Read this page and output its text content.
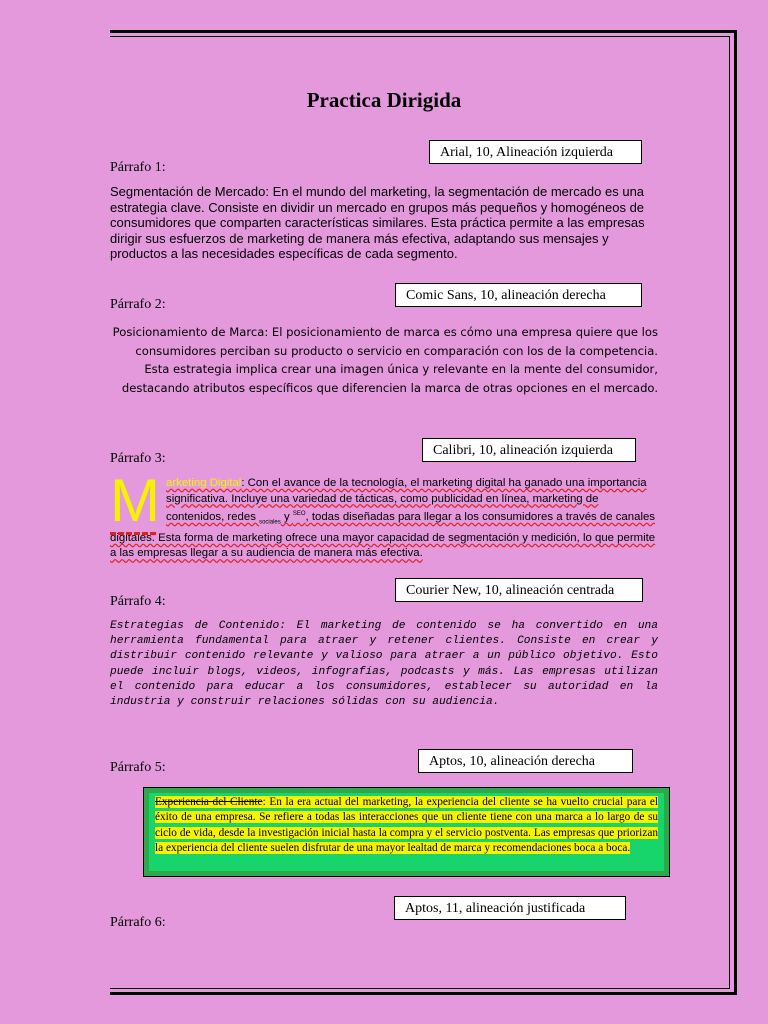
Practica Dirigida
Arial, 10, Alineación izquierda
Párrafo 1:
Segmentación de Mercado: En el mundo del marketing, la segmentación de mercado es una estrategia clave. Consiste en dividir un mercado en grupos más pequeños y homogéneos de consumidores que comparten características similares. Esta práctica permite a las empresas dirigir sus esfuerzos de marketing de manera más efectiva, adaptando sus mensajes y productos a las necesidades específicas de cada segmento.
Comic Sans, 10, alineación derecha
Párrafo 2:
Posicionamiento de Marca: El posicionamiento de marca es cómo una empresa quiere que los consumidores perciban su producto o servicio en comparación con los de la competencia. Esta estrategia implica crear una imagen única y relevante en la mente del consumidor, destacando atributos específicos que diferencien la marca de otras opciones en el mercado.
Calibri, 10, alineación izquierda
Párrafo 3:
M arketing Digital: Con el avance de la tecnología, el marketing digital ha ganado una importancia significativa. Incluye una variedad de tácticas, como publicidad en línea, marketing de contenidos, redes $_{sociales}$ y $^{SEO}$, todas diseñadas para llegar a los consumidores a través de canales digitales. Esta forma de marketing ofrece una mayor capacidad de segmentación y medición, lo que permite a las empresas llegar a su audiencia de manera más efectiva.
Courier New, 10, alineación centrada
Párrafo 4:
Estrategias de Contenido: El marketing de contenido se ha convertido en una herramienta fundamental para atraer y retener clientes. Consiste en crear y distribuir contenido relevante y valioso para atraer a un público objetivo. Esto puede incluir blogs, videos, infografías, podcasts y más. Las empresas utilizan el contenido para educar a los consumidores, establecer su autoridad en la industria y construir relaciones sólidas con su audiencia.
Aptos, 10, alineación derecha
Párrafo 5:
Experiencia del Cliente: En la era actual del marketing, la experiencia del cliente se ha vuelto crucial para el éxito de una empresa. Se refiere a todas las interacciones que un cliente tiene con una marca a lo largo de su ciclo de vida, desde la investigación inicial hasta la compra y el servicio postventa. Las empresas que priorizan la experiencia del cliente suelen disfrutar de una mayor lealtad de marca y recomendaciones boca a boca.
Aptos, 11, alineación justificada
Párrafo 6:
